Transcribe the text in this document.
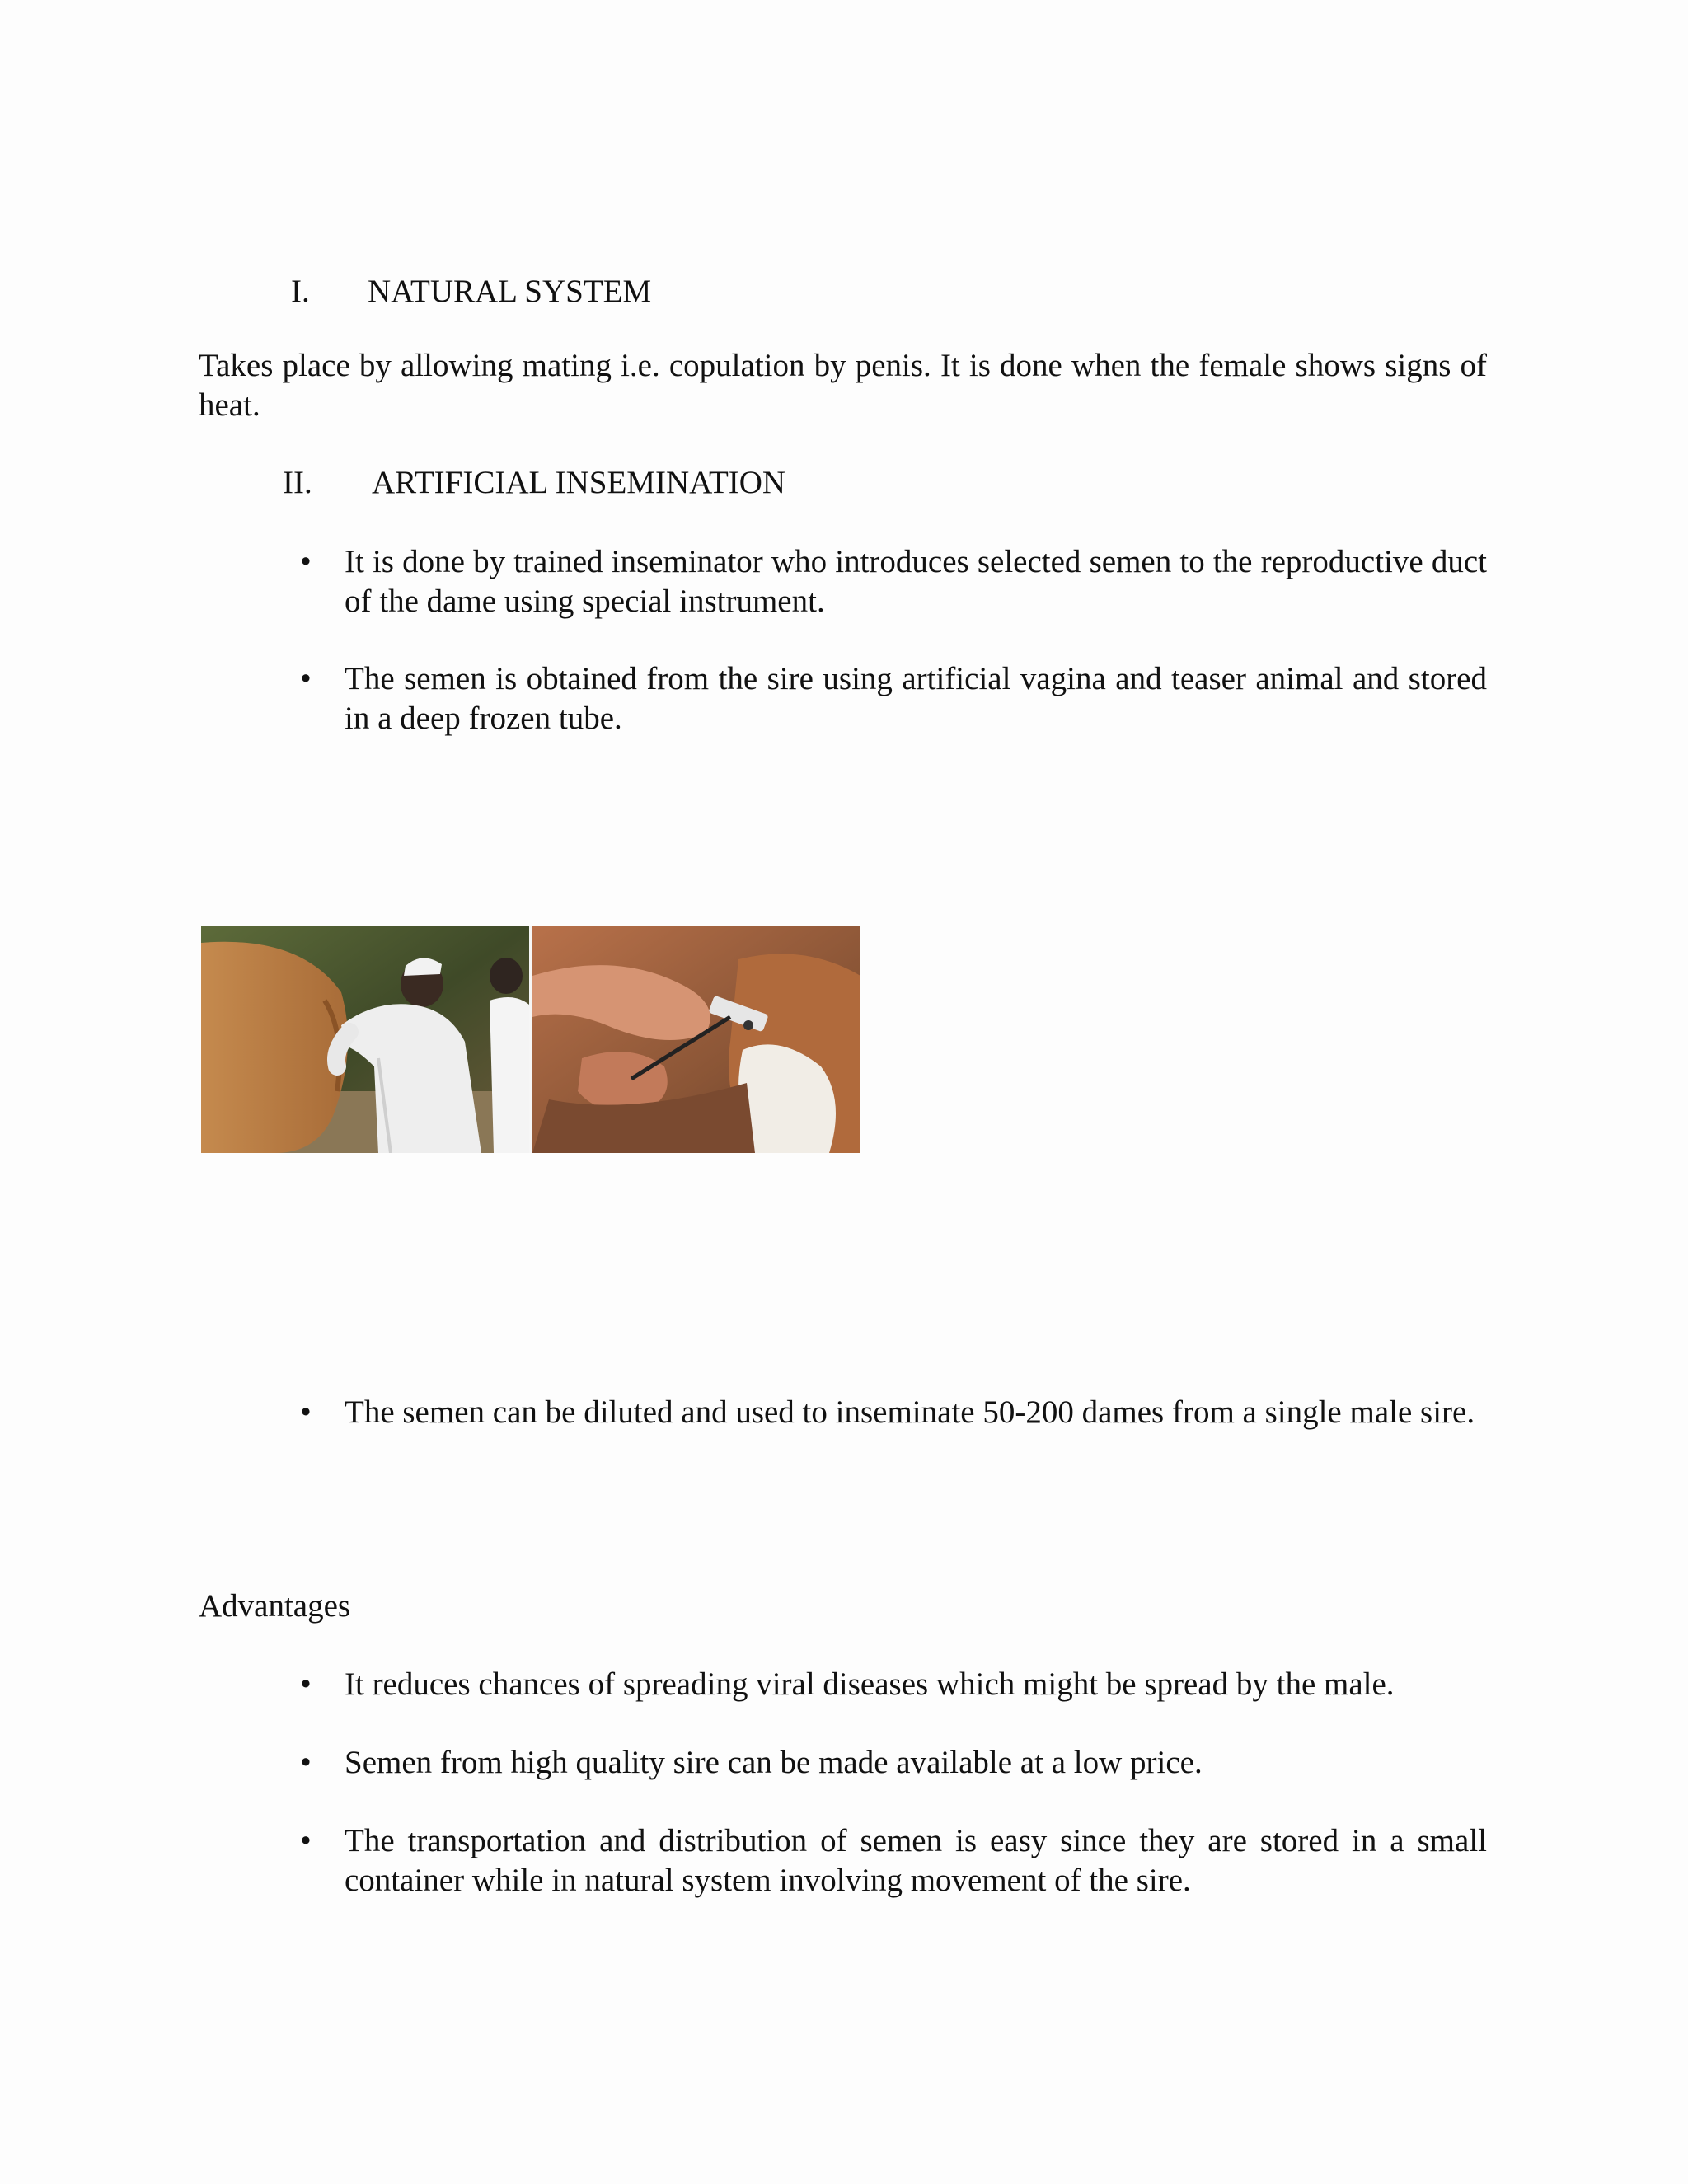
I. NATURAL SYSTEM
Takes place by allowing mating i.e. copulation by penis. It is done when the female shows signs of heat.
II. ARTIFICIAL INSEMINATION
• It is done by trained inseminator who introduces selected semen to the reproductive duct of the dame using special instrument.
• The semen is obtained from the sire using artificial vagina and teaser animal and stored in a deep frozen tube.
• The semen can be diluted and used to inseminate 50-200 dames from a single male sire.
Advantages
• It reduces chances of spreading viral diseases which might be spread by the male.
• Semen from high quality sire can be made available at a low price.
• The transportation and distribution of semen is easy since they are stored in a small container while in natural system involving movement of the sire.
